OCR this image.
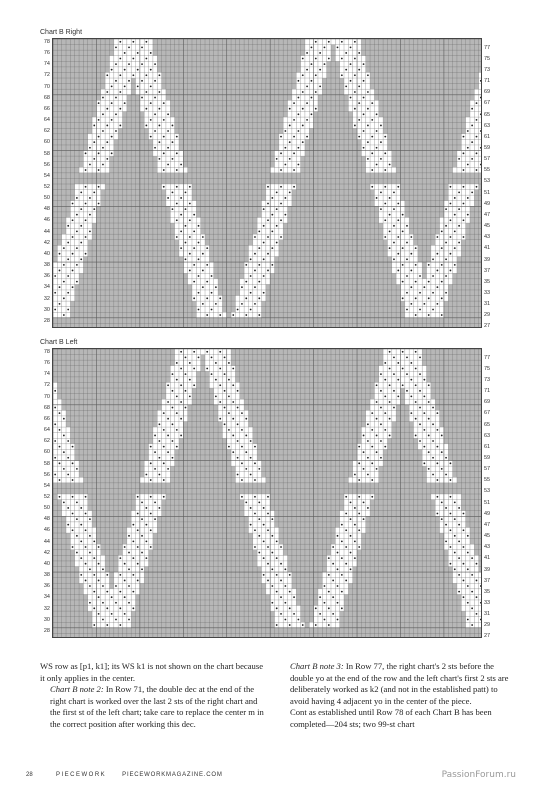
Chart B Right
78
76
74
72
70
68
66
64
62
60
58
56
54
52
50
48
46
44
42
40
38
36
34
32
30
28
77
75
73
71
69
67
65
63
61
59
57
55
53
51
49
47
45
43
41
39
37
35
33
31
29
27
Chart B Left
78
76
74
72
70
68
66
64
62
60
58
56
54
52
50
48
46
44
42
40
38
36
34
32
30
28
77
75
73
71
69
67
65
63
61
59
57
55
53
51
49
47
45
43
41
39
37
35
33
31
29
27

WS row as [p1, k1]; its WS k1 is not shown on the chart because it only applies in the center.

Chart B note 2: In Row 71, the double dec at the end of the right chart is worked over the last 2 sts of the right chart and the first st of the left chart; take care to replace the center m in the correct position after working this dec.

Chart B note 3: In Row 77, the right chart's 2 sts before the double yo at the end of the row and the left chart's first 2 sts are deliberately worked as k2 (and not in the established patt) to avoid having 4 adjacent yo in the center of the piece.

Cont as established until Row 78 of each Chart B has been completed—204 sts; two 99-st chart

28	PIECEWORK	PIECEWORKMAGAZINE.COM	PassionForum.ru
